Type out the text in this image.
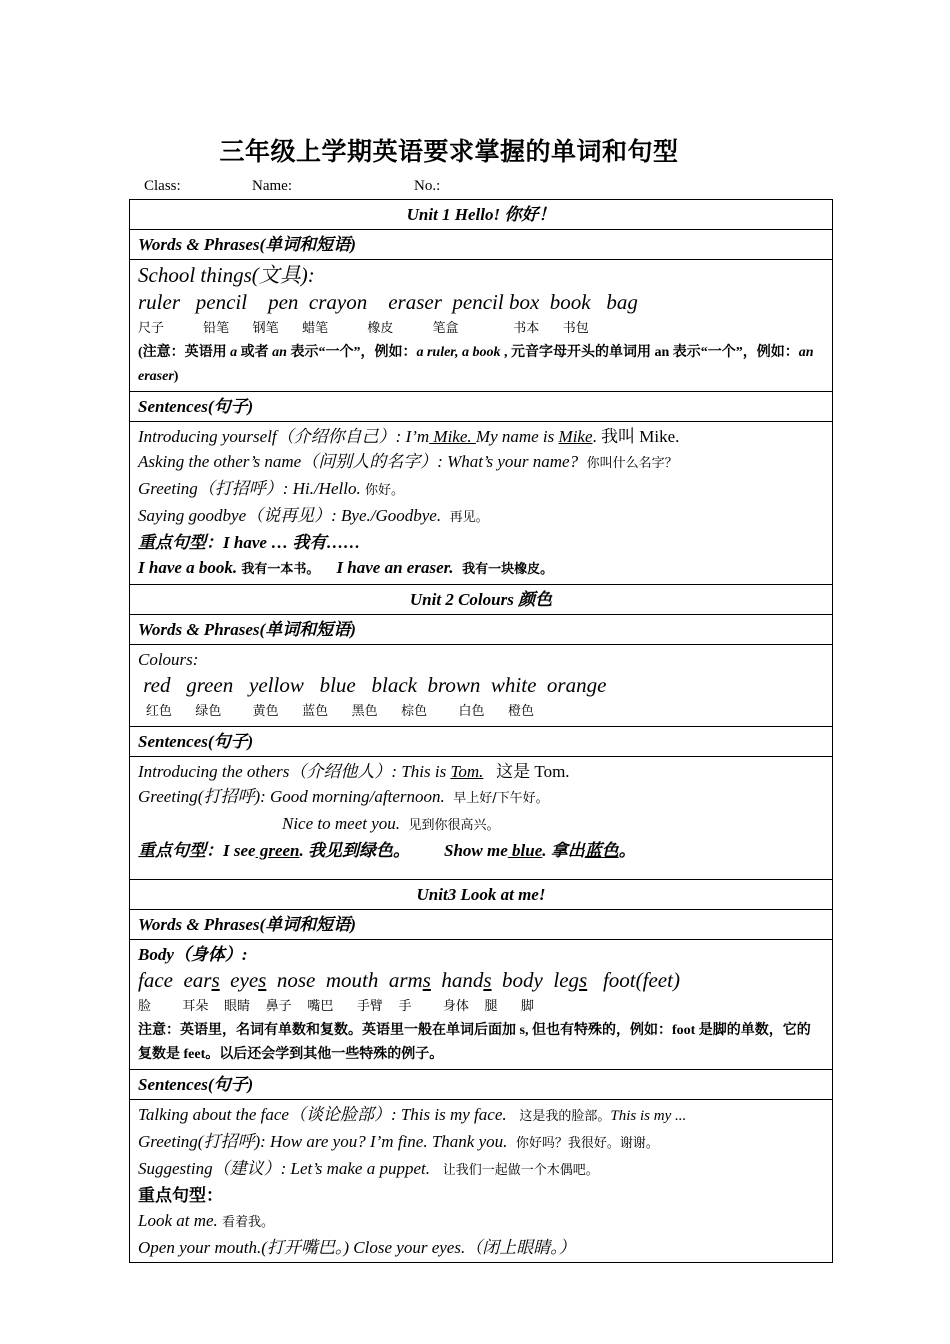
三年级上学期英语要求掌握的单词和句型
Class:	Name:	No.:
Unit 1 Hello! 你好！
Words & Phrases(单词和短语)

School things(文具):
ruler pencil pen crayon eraser pencil box book bag
尺子	铅笔 钢笔 蜡笔	橡皮	笔盒	书本 书包
(注意：英语用 a 或者 an 表示“一个”，例如：a ruler, a book , 元音字母开头的单词用 an 表示“一个”，例如：an eraser)

Sentences(句子)

Introducing yourself（介绍你自己）: I’m Mike. My name is Mike. 我叫 Mike.
Asking the other’s name（问别人的名字）: What’s your name? 你叫什么名字？
Greeting（打招呼）: Hi./Hello. 你好。
Saying goodbye（说再见）: Bye./Goodbye. 再见。
重点句型：I have … 我有……
I have a book. 我有一本书。 I have an eraser. 我有一块橡皮。

Unit 2 Colours 颜色
Words & Phrases(单词和短语)

Colours:
red green yellow blue black brown white orange
红色 绿色 黄色 蓝色 黑色 棕色 白色 橙色

Sentences(句子)

Introducing the others（介绍他人）: This is Tom. 这是 Tom.
Greeting(打招呼): Good morning/afternoon. 早上好/下午好。
Nice to meet you. 见到你很高兴。
重点句型：I see green. 我见到绿色。 Show me blue. 拿出蓝色。

Unit3 Look at me!
Words & Phrases(单词和短语)

Body（身体）:
face  ears  eyes  nose  mouth  arms  hands  body  legs   foot(feet)
脸 耳朵 眼睛 鼻子 嘴巴 手臂 手 身体 腿 脚
注意：英语里，名词有单数和复数。英语里一般在单词后面加 s, 但也有特殊的，例如：foot 是脚的单数，它的复数是 feet。以后还会学到其他一些特殊的例子。

Sentences(句子)

Talking about the face（谈论脸部）: This is my face. 这是我的脸部。This is my ...
Greeting(打招呼): How are you? I’m fine. Thank you. 你好吗？我很好。谢谢。
Suggesting（建议）: Let’s make a puppet. 让我们一起做一个木偶吧。
重点句型：
Look at me. 看着我。
Open your mouth.(打开嘴巴。) Close your eyes.（闭上眼睛。）
